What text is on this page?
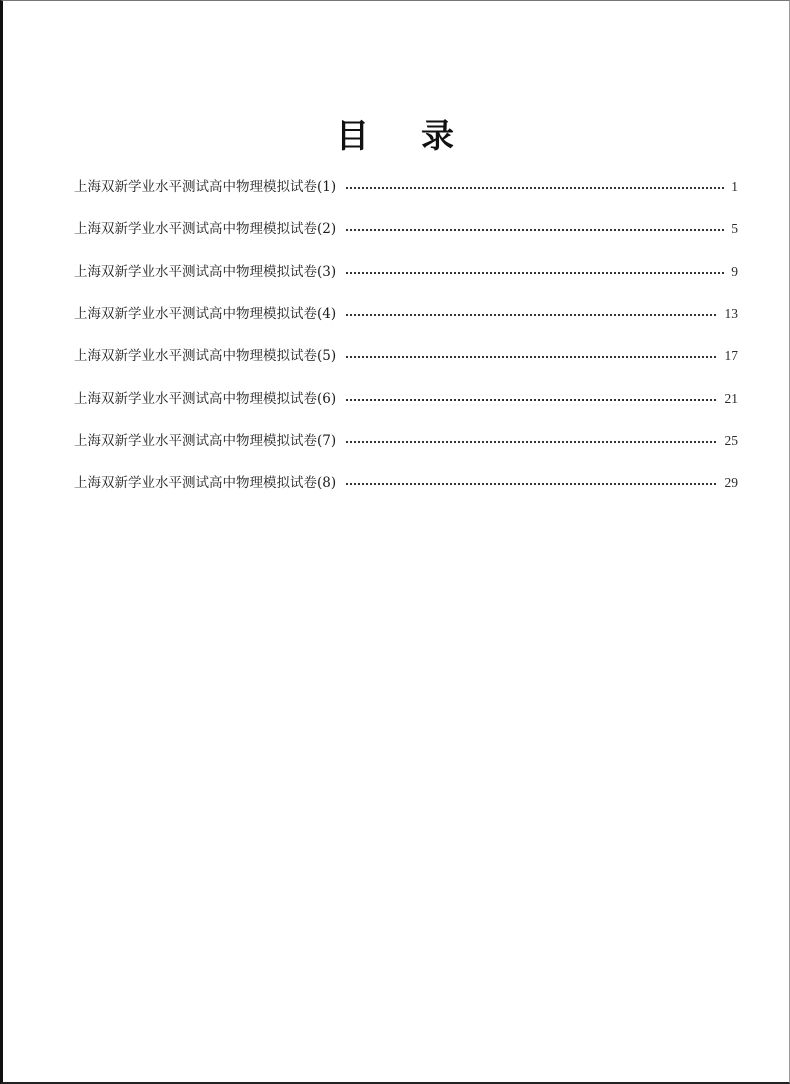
目录
上海双新学业水平测试高中物理模拟试卷(1)	1
上海双新学业水平测试高中物理模拟试卷(2)	5
上海双新学业水平测试高中物理模拟试卷(3)	9
上海双新学业水平测试高中物理模拟试卷(4)	13
上海双新学业水平测试高中物理模拟试卷(5)	17
上海双新学业水平测试高中物理模拟试卷(6)	21
上海双新学业水平测试高中物理模拟试卷(7)	25
上海双新学业水平测试高中物理模拟试卷(8)	29
